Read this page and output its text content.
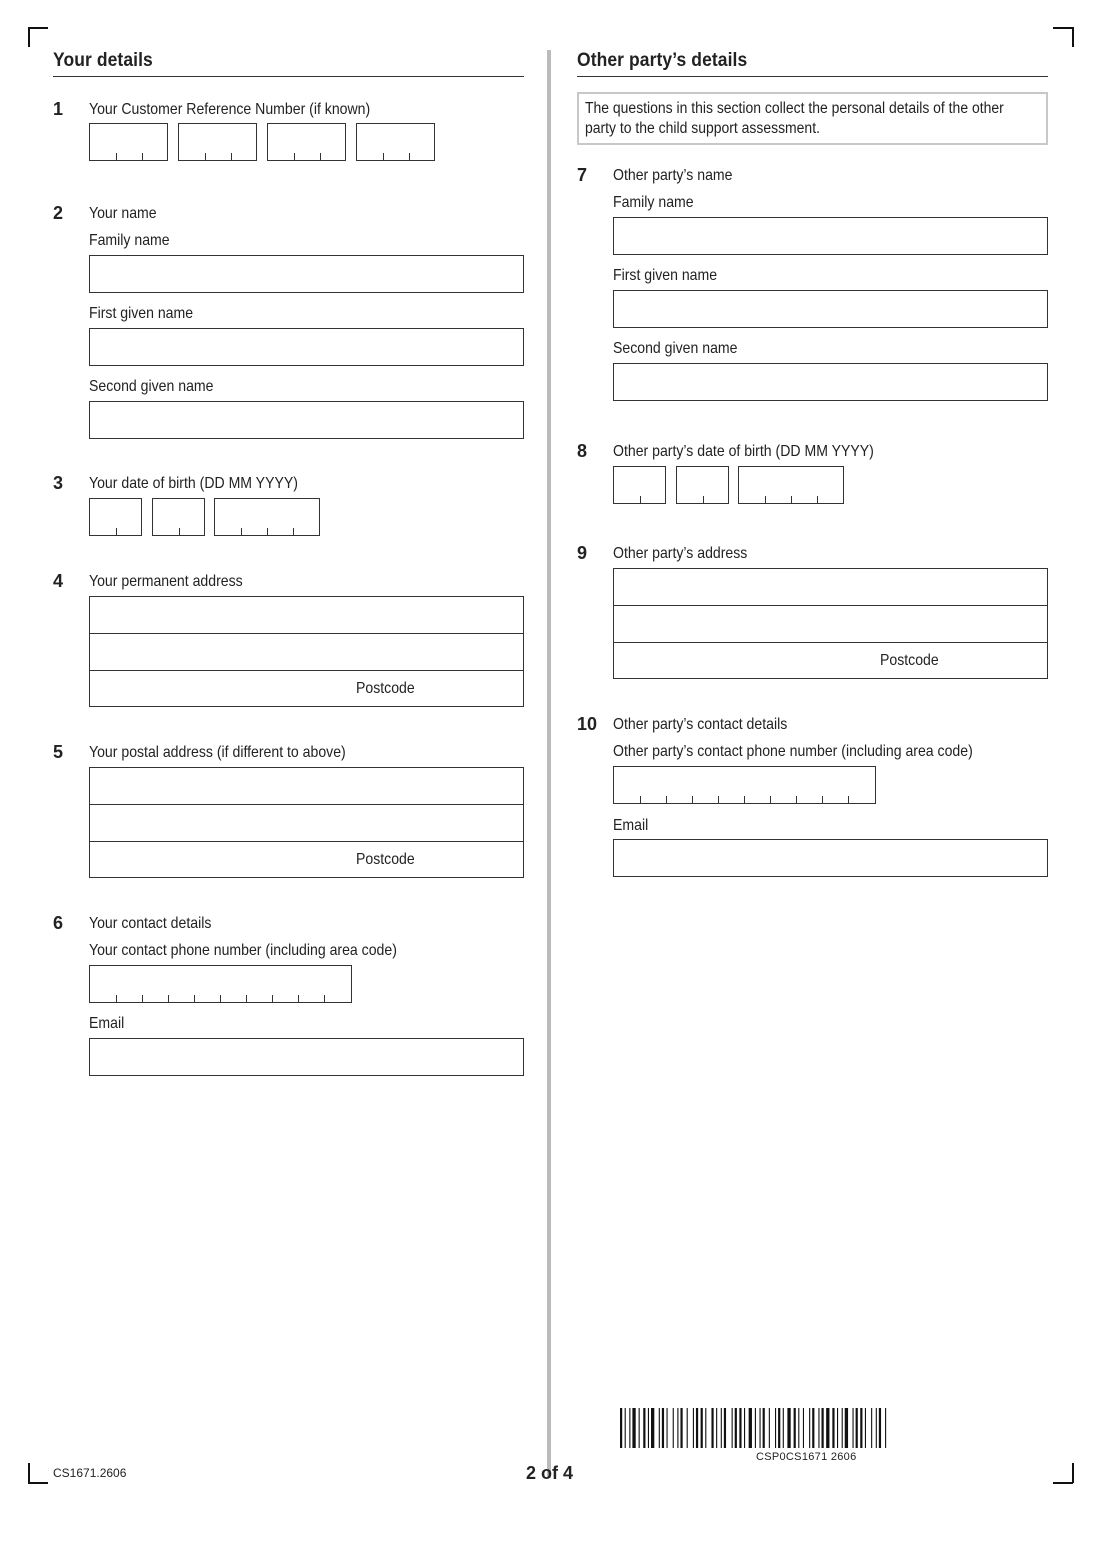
Your details
1 Your Customer Reference Number (if known)
2 Your name
Family name
First given name
Second given name
3 Your date of birth (DD MM YYYY)
4 Your permanent address
Postcode
5 Your postal address (if different to above)
Postcode
6 Your contact details
Your contact phone number (including area code)
Email
Other party’s details
The questions in this section collect the personal details of the other party to the child support assessment.
7 Other party’s name
Family name
First given name
Second given name
8 Other party’s date of birth (DD MM YYYY)
9 Other party’s address
Postcode
10 Other party’s contact details
Other party’s contact phone number (including area code)
Email
CSP0CS1671 2606
CS1671.2606	2 of 4
